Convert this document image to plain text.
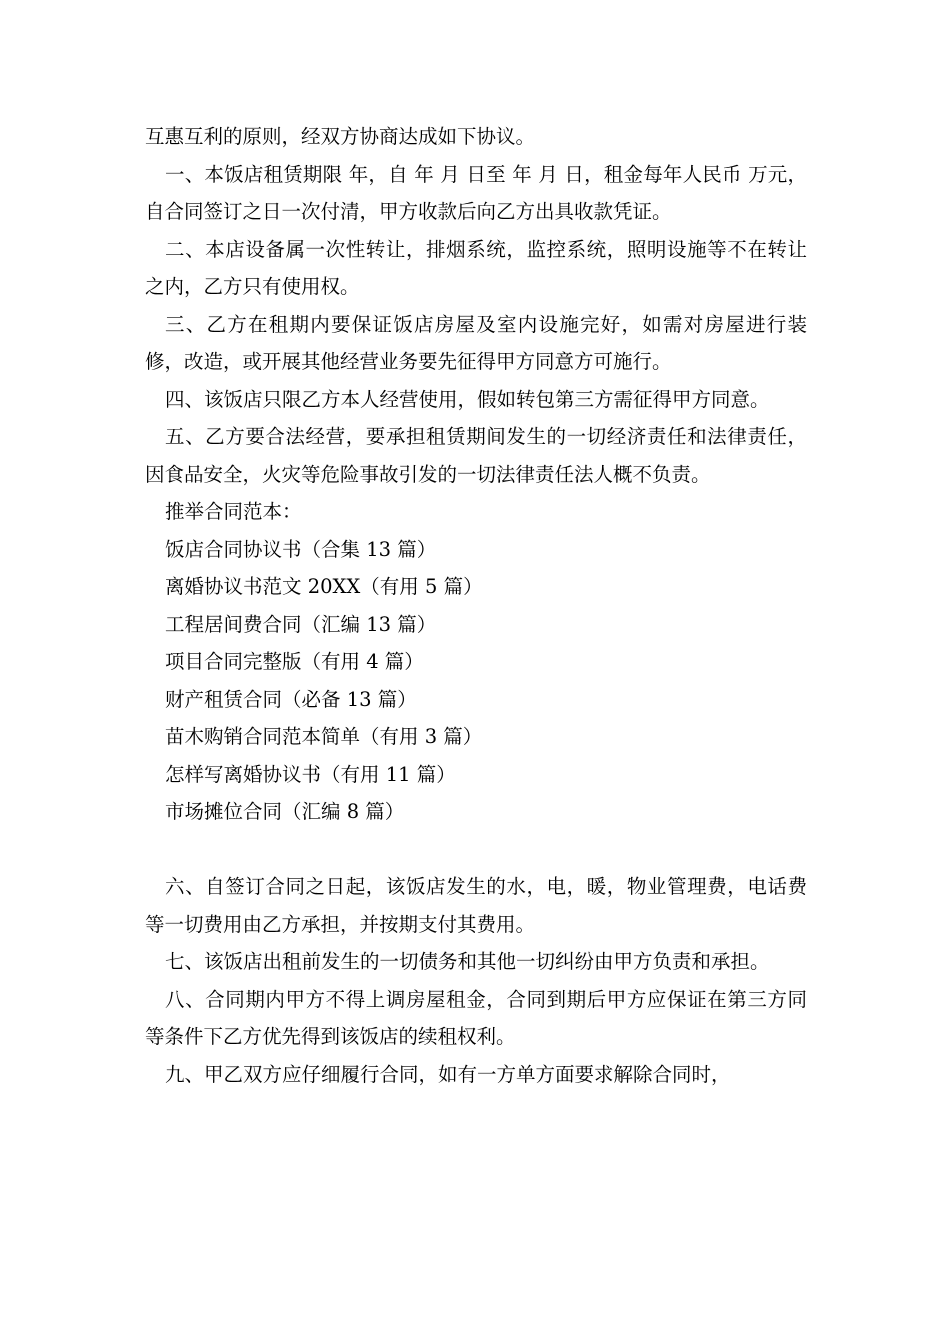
互惠互利的原则，经双方协商达成如下协议。

一、本饭店租赁期限 年，自 年 月 日至 年 月 日，租金每年人民币 万元，自合同签订之日一次付清，甲方收款后向乙方出具收款凭证。

二、本店设备属一次性转让，排烟系统，监控系统，照明设施等不在转让之内，乙方只有使用权。

三、乙方在租期内要保证饭店房屋及室内设施完好，如需对房屋进行装修，改造，或开展其他经营业务要先征得甲方同意方可施行。

四、该饭店只限乙方本人经营使用，假如转包第三方需征得甲方同意。

五、乙方要合法经营，要承担租赁期间发生的一切经济责任和法律责任，因食品安全，火灾等危险事故引发的一切法律责任法人概不负责。

推举合同范本：

饭店合同协议书（合集 13 篇）

离婚协议书范文 20XX（有用 5 篇）

工程居间费合同（汇编 13 篇）

项目合同完整版（有用 4 篇）

财产租赁合同（必备 13 篇）

苗木购销合同范本简单（有用 3 篇）

怎样写离婚协议书（有用 11 篇）

市场摊位合同（汇编 8 篇）

六、自签订合同之日起，该饭店发生的水，电，暖，物业管理费，电话费等一切费用由乙方承担，并按期支付其费用。

七、该饭店出租前发生的一切债务和其他一切纠纷由甲方负责和承担。

八、合同期内甲方不得上调房屋租金，合同到期后甲方应保证在第三方同等条件下乙方优先得到该饭店的续租权利。

九、甲乙双方应仔细履行合同，如有一方单方面要求解除合同时，
